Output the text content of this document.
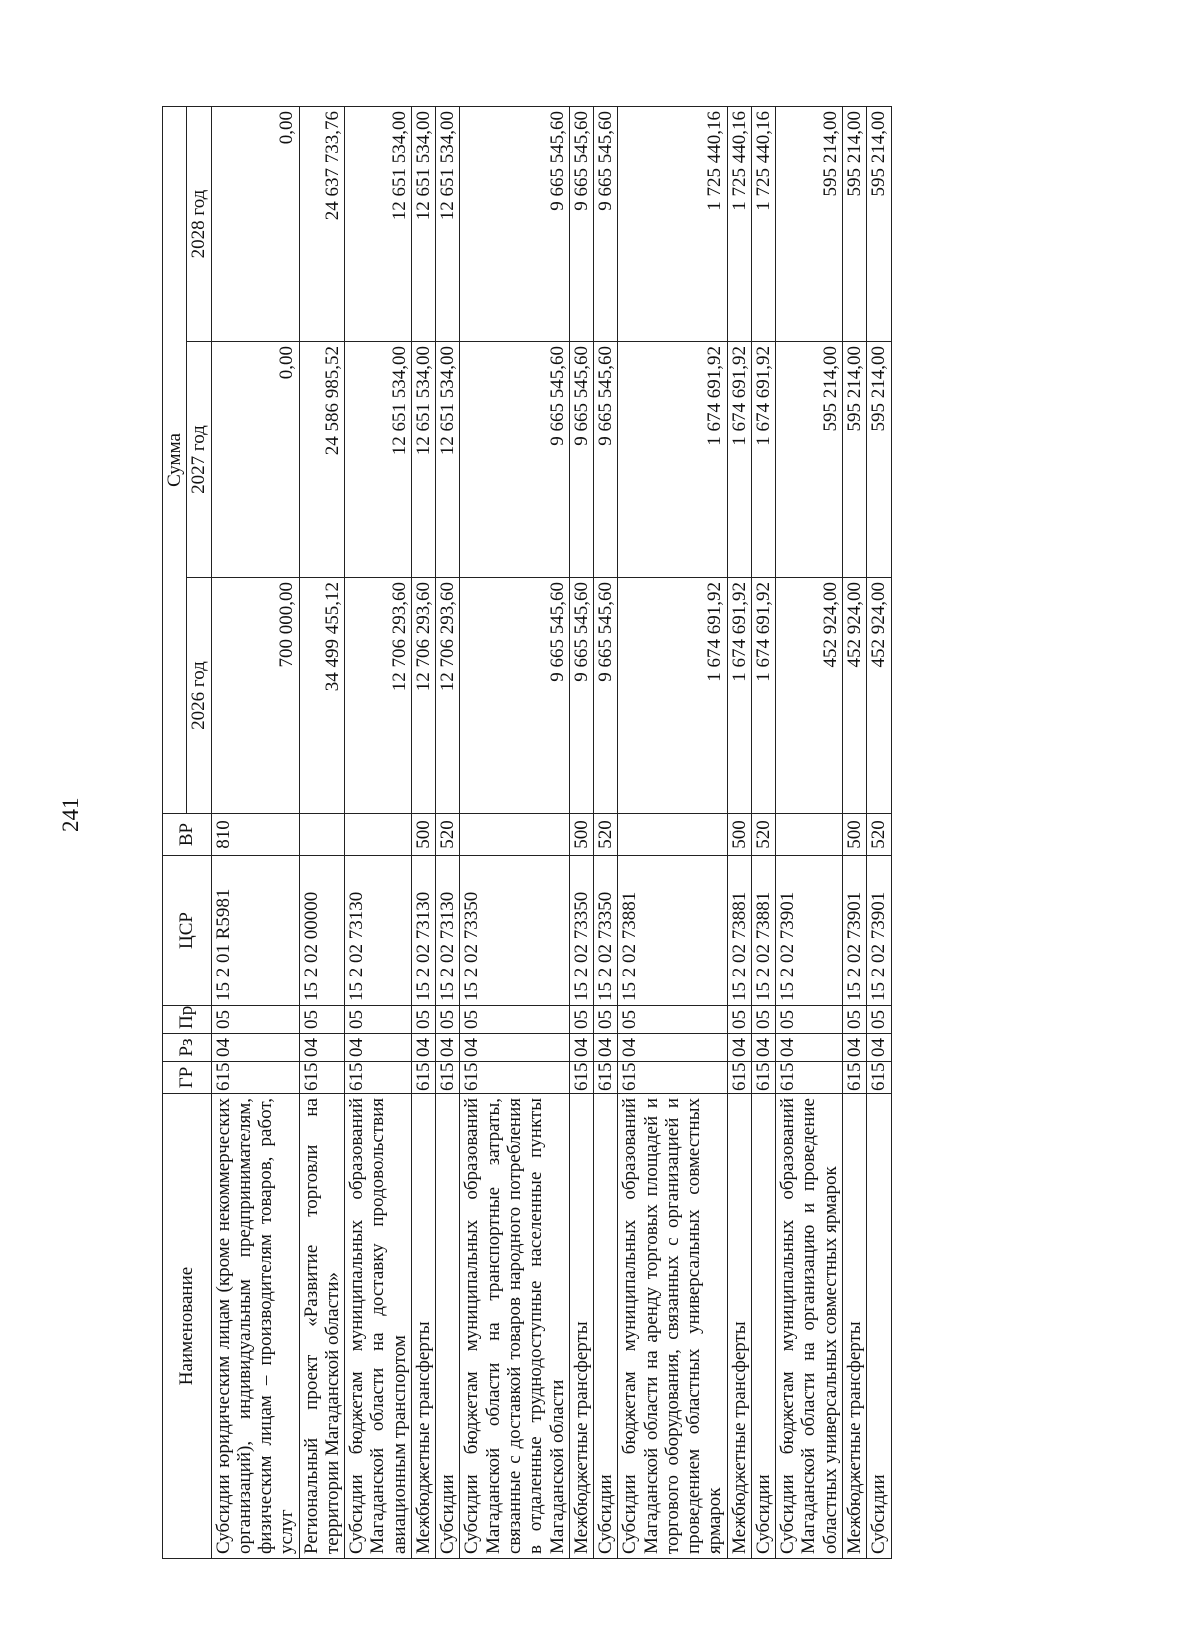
241
Наименование	ГР	Рз	Пр	ЦСР	ВР	Сумма		
						2026 год	2027 год	2028 год
Субсидии юридическим лицам (кроме некоммерческих организаций), индивидуальным предпринимателям, физическим лицам – производителям товаров, работ, услуг	615	04	05	15 2 01 R5981	810	700 000,00	0,00	0,00
Региональный проект «Развитие торговли на территории Магаданской области»	615	04	05	15 2 02 00000		34 499 455,12	24 586 985,52	24 637 733,76
Субсидии бюджетам муниципальных образований Магаданской области на доставку продовольствия авиационным транспортом	615	04	05	15 2 02 73130		12 706 293,60	12 651 534,00	12 651 534,00
Межбюджетные трансферты	615	04	05	15 2 02 73130	500	12 706 293,60	12 651 534,00	12 651 534,00
Субсидии	615	04	05	15 2 02 73130	520	12 706 293,60	12 651 534,00	12 651 534,00
Субсидии бюджетам муниципальных образований Магаданской области на транспортные затраты, связанные с доставкой товаров народного потребления в отдаленные труднодоступные населенные пункты Магаданской области	615	04	05	15 2 02 73350		9 665 545,60	9 665 545,60	9 665 545,60
Межбюджетные трансферты	615	04	05	15 2 02 73350	500	9 665 545,60	9 665 545,60	9 665 545,60
Субсидии	615	04	05	15 2 02 73350	520	9 665 545,60	9 665 545,60	9 665 545,60
Субсидии бюджетам муниципальных образований Магаданской области на аренду торговых площадей и торгового оборудования, связанных с организацией и проведением областных универсальных совместных ярмарок	615	04	05	15 2 02 73881		1 674 691,92	1 674 691,92	1 725 440,16
Межбюджетные трансферты	615	04	05	15 2 02 73881	500	1 674 691,92	1 674 691,92	1 725 440,16
Субсидии	615	04	05	15 2 02 73881	520	1 674 691,92	1 674 691,92	1 725 440,16
Субсидии бюджетам муниципальных образований Магаданской области на организацию и проведение областных универсальных совместных ярмарок	615	04	05	15 2 02 73901		452 924,00	595 214,00	595 214,00
Межбюджетные трансферты	615	04	05	15 2 02 73901	500	452 924,00	595 214,00	595 214,00
Субсидии	615	04	05	15 2 02 73901	520	452 924,00	595 214,00	595 214,00
